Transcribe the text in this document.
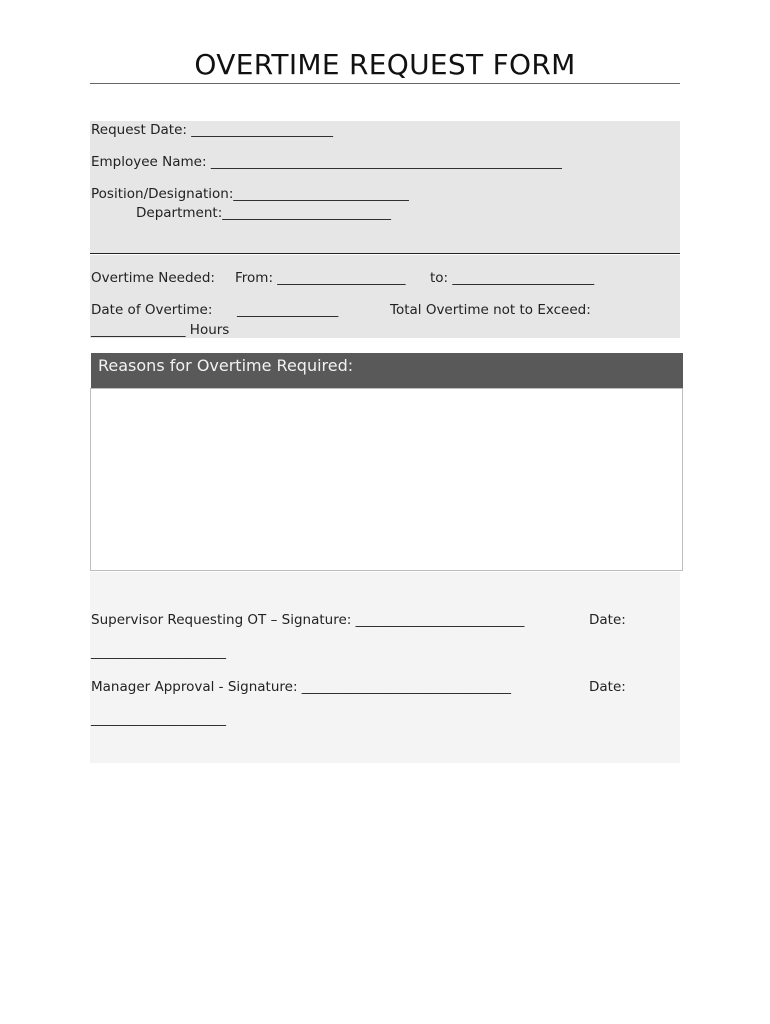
OVERTIME REQUEST FORM
Request Date: _____________________
Employee Name: ____________________________________________________
Position/Designation:__________________________
Department:_________________________
Overtime Needed: From: ___________________ to: _____________________
Date of Overtime: _______________	Total Overtime not to Exceed:
______________ Hours
Reasons for Overtime Required:
Supervisor Requesting OT – Signature: _________________________	Date:
____________________
Manager Approval - Signature: _______________________________	Date:
____________________
